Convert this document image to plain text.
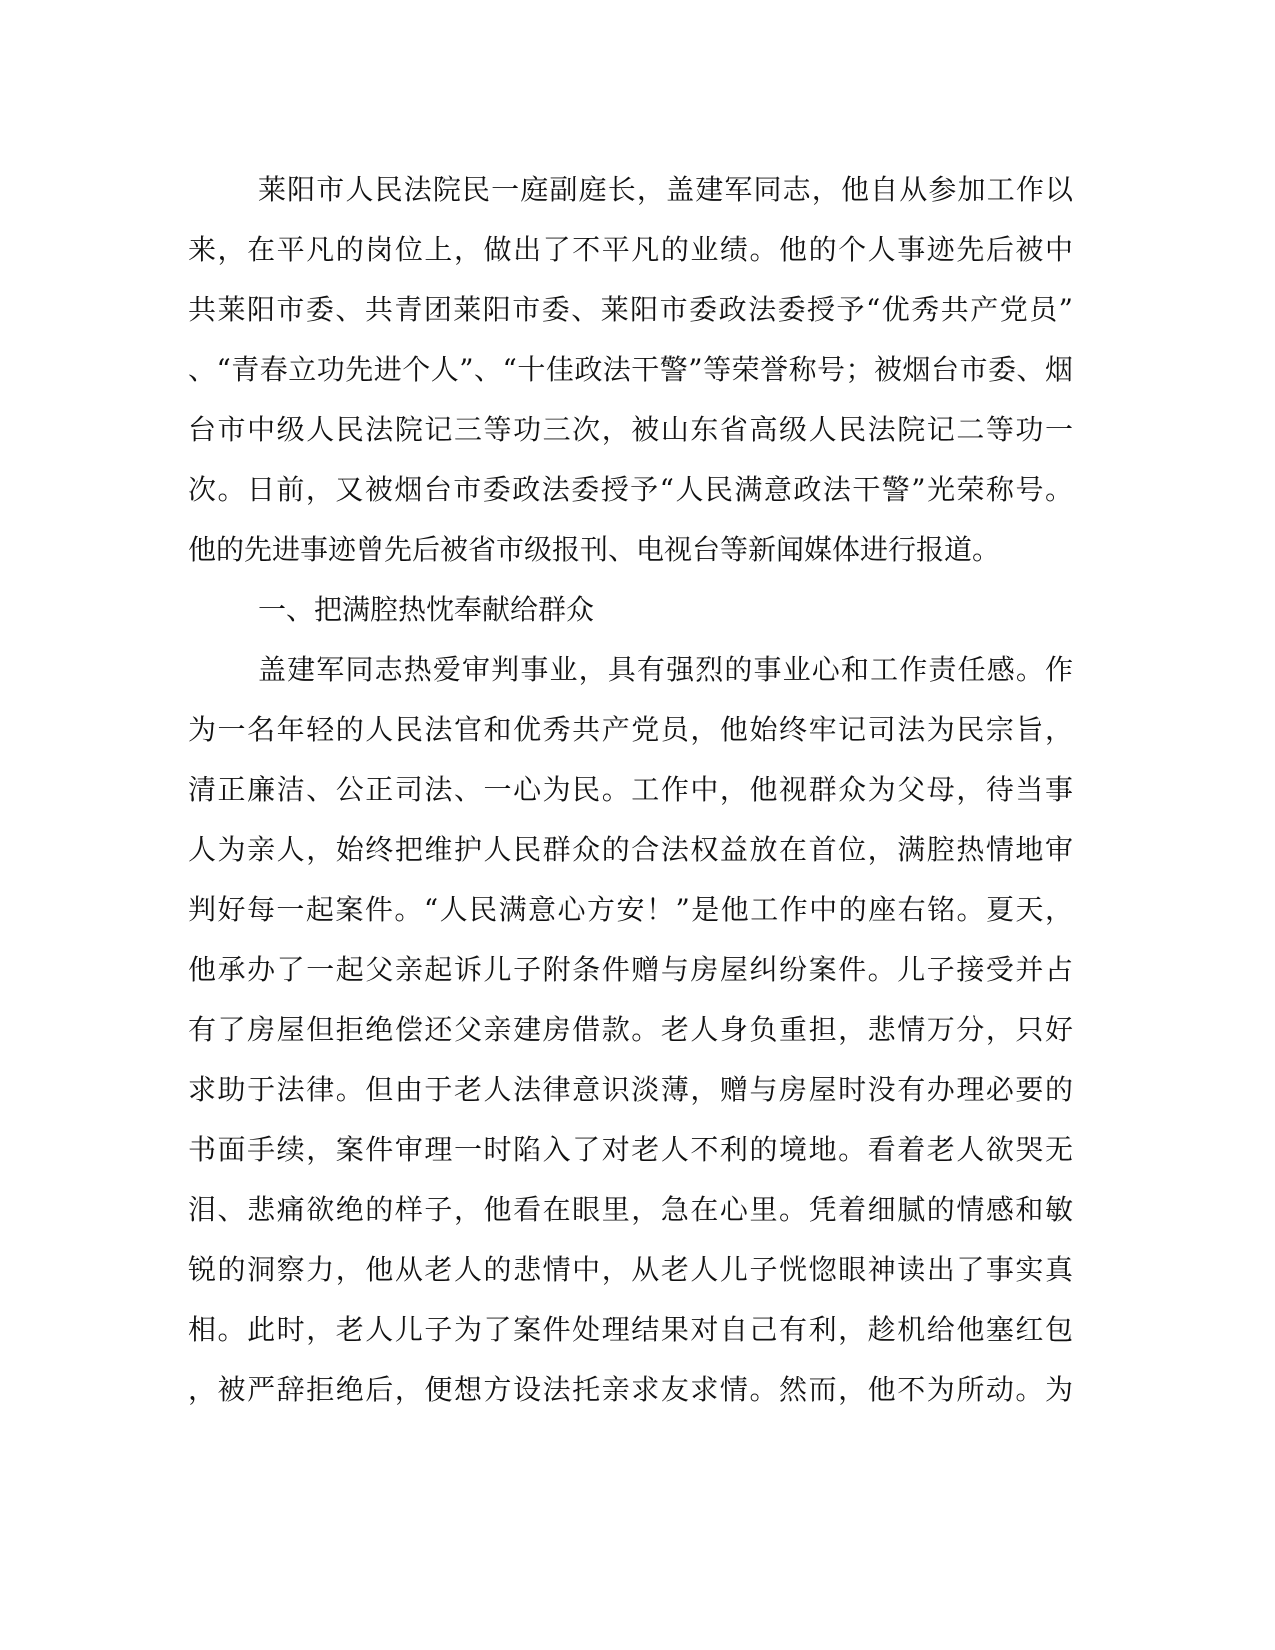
莱阳市人民法院民一庭副庭长，盖建军同志，他自从参加工作以
来，在平凡的岗位上，做出了不平凡的业绩。他的个人事迹先后被中
共莱阳市委、共青团莱阳市委、莱阳市委政法委授予“优秀共产党员”
、“青春立功先进个人”、“十佳政法干警”等荣誉称号；被烟台市委、烟
台市中级人民法院记三等功三次，被山东省高级人民法院记二等功一
次。日前，又被烟台市委政法委授予“人民满意政法干警”光荣称号。
他的先进事迹曾先后被省市级报刊、电视台等新闻媒体进行报道。
一、把满腔热忱奉献给群众
盖建军同志热爱审判事业，具有强烈的事业心和工作责任感。作
为一名年轻的人民法官和优秀共产党员，他始终牢记司法为民宗旨，
清正廉洁、公正司法、一心为民。工作中，他视群众为父母，待当事
人为亲人，始终把维护人民群众的合法权益放在首位，满腔热情地审
判好每一起案件。“人民满意心方安！”是他工作中的座右铭。夏天，
他承办了一起父亲起诉儿子附条件赠与房屋纠纷案件。儿子接受并占
有了房屋但拒绝偿还父亲建房借款。老人身负重担，悲情万分，只好
求助于法律。但由于老人法律意识淡薄，赠与房屋时没有办理必要的
书面手续，案件审理一时陷入了对老人不利的境地。看着老人欲哭无
泪、悲痛欲绝的样子，他看在眼里，急在心里。凭着细腻的情感和敏
锐的洞察力，他从老人的悲情中，从老人儿子恍惚眼神读出了事实真
相。此时，老人儿子为了案件处理结果对自己有利，趁机给他塞红包
，被严辞拒绝后，便想方设法托亲求友求情。然而，他不为所动。为
